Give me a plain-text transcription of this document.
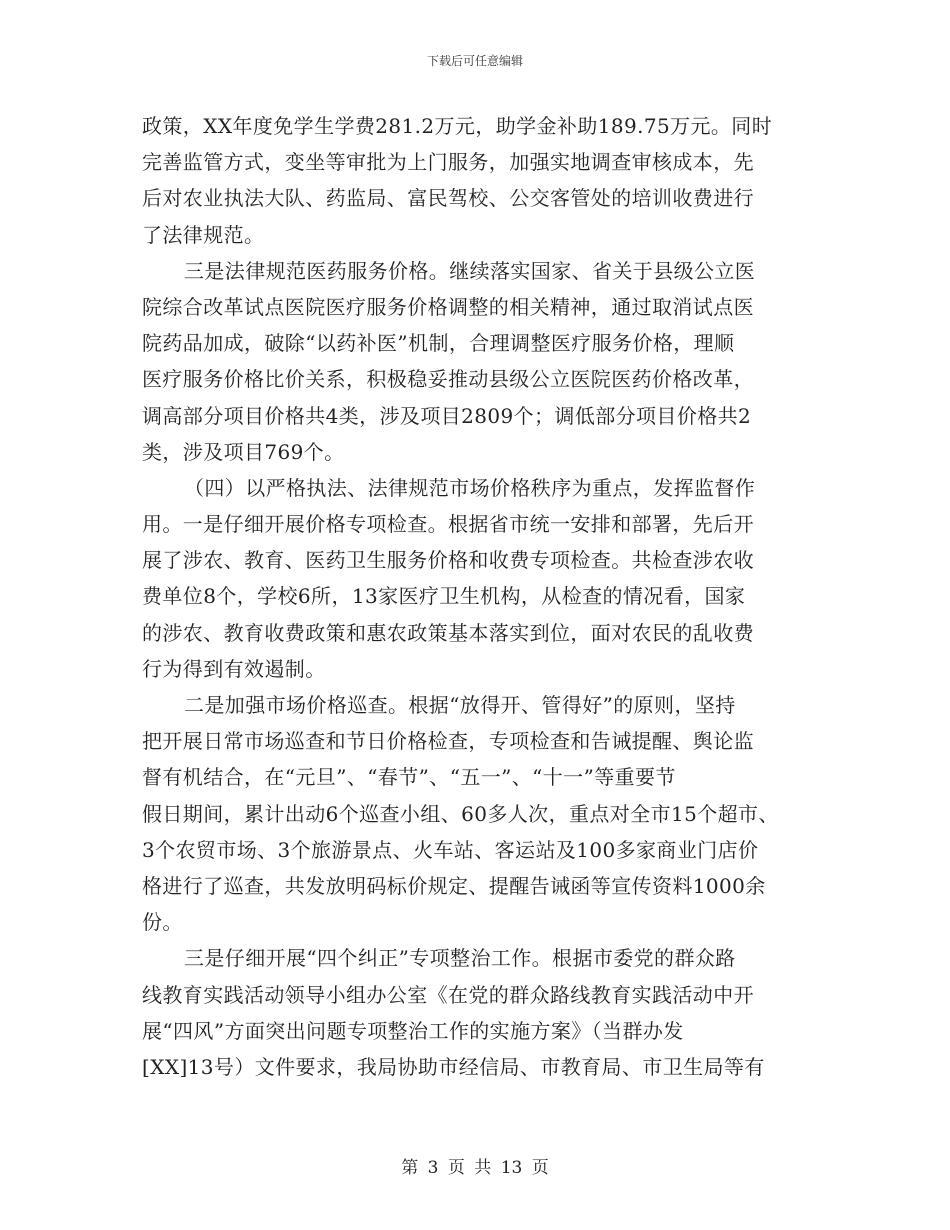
下载后可任意编辑
政策，XX年度免学生学费281.2万元，助学金补助189.75万元。同时
完善监管方式，变坐等审批为上门服务，加强实地调查审核成本，先
后对农业执法大队、药监局、富民驾校、公交客管处的培训收费进行
了法律规范。
三是法律规范医药服务价格。继续落实国家、省关于县级公立医
院综合改革试点医院医疗服务价格调整的相关精神，通过取消试点医
院药品加成，破除“以药补医”机制，合理调整医疗服务价格，理顺
医疗服务价格比价关系，积极稳妥推动县级公立医院医药价格改革，
调高部分项目价格共4类，涉及项目2809个；调低部分项目价格共2
类，涉及项目769个。
（四）以严格执法、法律规范市场价格秩序为重点，发挥监督作
用。一是仔细开展价格专项检查。根据省市统一安排和部署，先后开
展了涉农、教育、医药卫生服务价格和收费专项检查。共检查涉农收
费单位8个，学校6所，13家医疗卫生机构，从检查的情况看，国家
的涉农、教育收费政策和惠农政策基本落实到位，面对农民的乱收费
行为得到有效遏制。
二是加强市场价格巡查。根据“放得开、管得好”的原则，坚持
把开展日常市场巡查和节日价格检查，专项检查和告诫提醒、舆论监
督有机结合，在“元旦”、“春节”、“五一”、“十一”等重要节
假日期间，累计出动6个巡查小组、60多人次，重点对全市15个超市、
3个农贸市场、3个旅游景点、火车站、客运站及100多家商业门店价
格进行了巡查，共发放明码标价规定、提醒告诫函等宣传资料1000余
份。
三是仔细开展“四个纠正”专项整治工作。根据市委党的群众路
线教育实践活动领导小组办公室《在党的群众路线教育实践活动中开
展“四风”方面突出问题专项整治工作的实施方案》（当群办发
[XX]13号）文件要求，我局协助市经信局、市教育局、市卫生局等有
第 3 页 共 13 页
